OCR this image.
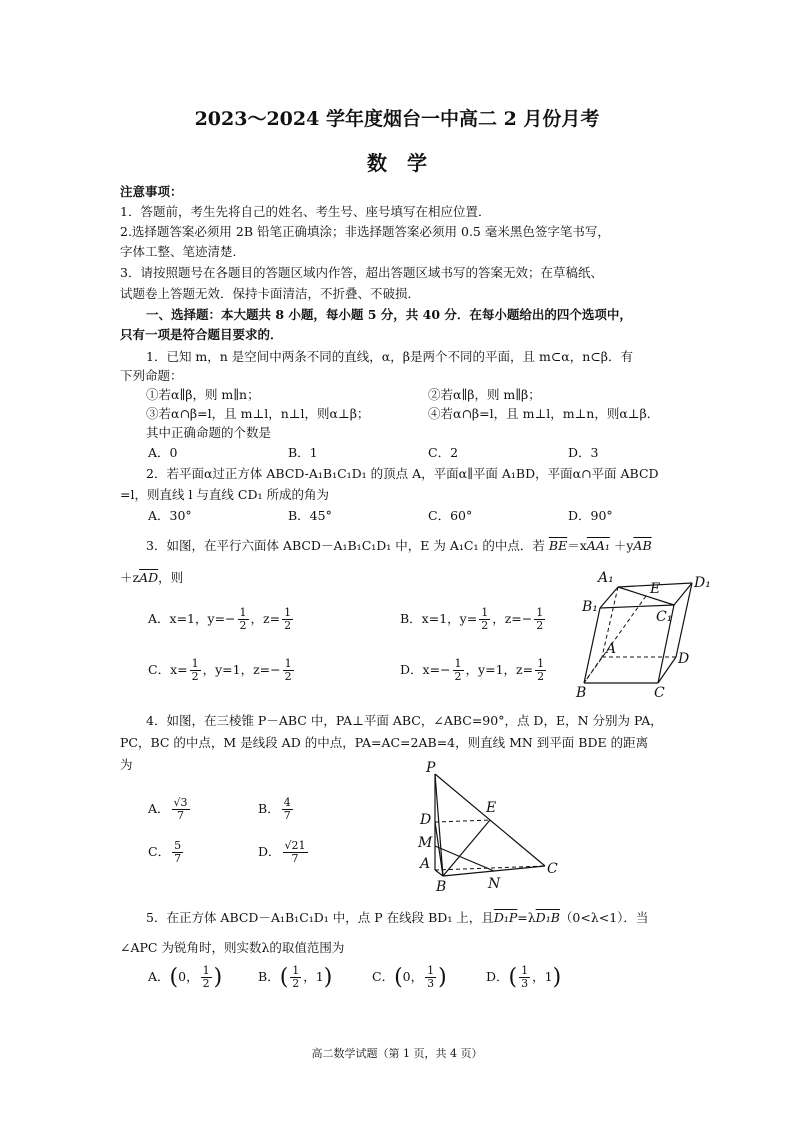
2023～2024 学年度烟台一中高二 2 月份月考
数学
注意事项：
1．答题前，考生先将自己的姓名、考生号、座号填写在相应位置．
2.选择题答案必须用 2B 铅笔正确填涂；非选择题答案必须用 0.5 毫米黑色签字笔书写，
字体工整、笔迹清楚．
3．请按照题号在各题目的答题区域内作答，超出答题区域书写的答案无效；在草稿纸、
试题卷上答题无效．保持卡面清洁，不折叠、不破损．
一、选择题：本大题共 8 小题，每小题 5 分，共 40 分．在每小题给出的四个选项中，
只有一项是符合题目要求的．
1．已知 m，n 是空间中两条不同的直线，α，β是两个不同的平面，且 m⊂α，n⊂β．有
下列命题：
①若α∥β，则 m∥n；	②若α∥β，则 m∥β；
③若α∩β=l，且 m⊥l，n⊥l，则α⊥β；	④若α∩β=l，且 m⊥l，m⊥n，则α⊥β．
其中正确命题的个数是
A．0	B．1	C．2	D．3
2．若平面α过正方体 ABCD-A₁B₁C₁D₁ 的顶点 A，平面α∥平面 A₁BD，平面α∩平面 ABCD
=l，则直线 l 与直线 CD₁ 所成的角为
A．30°	B．45°	C．60°	D．90°
3．如图，在平行六面体 ABCD－A₁B₁C₁D₁ 中，E 为 A₁C₁ 的中点．若 $\overline{BE}=xAA_1 +y\overline{AB}$
$+z\overline{AD}$，则
A．x=1，$y=- \frac{1}{2}$ ，$z= \frac{1}{2}$	B．x=1，$y= \frac{1}{2}$ ，$z=- \frac{1}{2}$
C．$x= \frac{1}{2}$ ，y=1，$z=- \frac{1}{2}$	D．$x=- \frac{1}{2}$ ，y=1，$z= \frac{1}{2}$
A₁	D₁
E
B₁
C₁
A
D
B	C
4．如图，在三棱锥 P－ABC 中，PA⊥平面 ABC，∠ABC=90°，点 D，E，N 分别为 PA，
PC，BC 的中点，M 是线段 AD 的中点，PA=AC=2AB=4，则直线 MN 到平面 BDE 的距离
为
A． $\frac{√3}{7}$	B． $\frac{4}{7}$
C． $\frac{5}{7}$	D． $\frac{√21}{7}$
P
D
E
M
A	C
B	N
5．在正方体 ABCD－A₁B₁C₁D₁ 中，点 P 在线段 BD₁ 上，且D₁P=λD₁B（0<λ<1）．当
∠APC 为锐角时，则实数λ的取值范围为
A．(0， $\frac{1}{2}$ )	B．( $\frac{1}{2}$ ，1)	C．(0， $\frac{1}{3}$ )	D．( $\frac{1}{3}$ ，1)
高二数学试题（第 1 页，共 4 页）
